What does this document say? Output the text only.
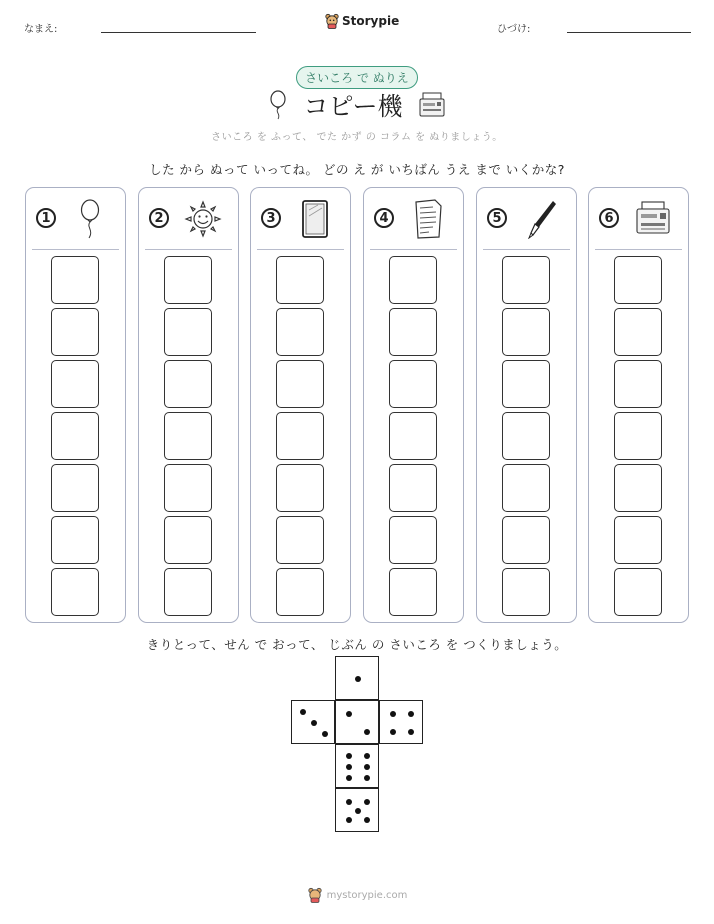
なまえ:
Storypie
ひづけ:
さいころ で ぬりえ
コピー機
さいころ を ふって、 でた かず の コラム を ぬりましょう。
した から ぬって いってね。 どの え が いちばん うえ まで いくかな?
1	2	3	4	5	6
きりとって、せん で おって、 じぶん の さいころ を つくりましょう。
mystorypie.com
